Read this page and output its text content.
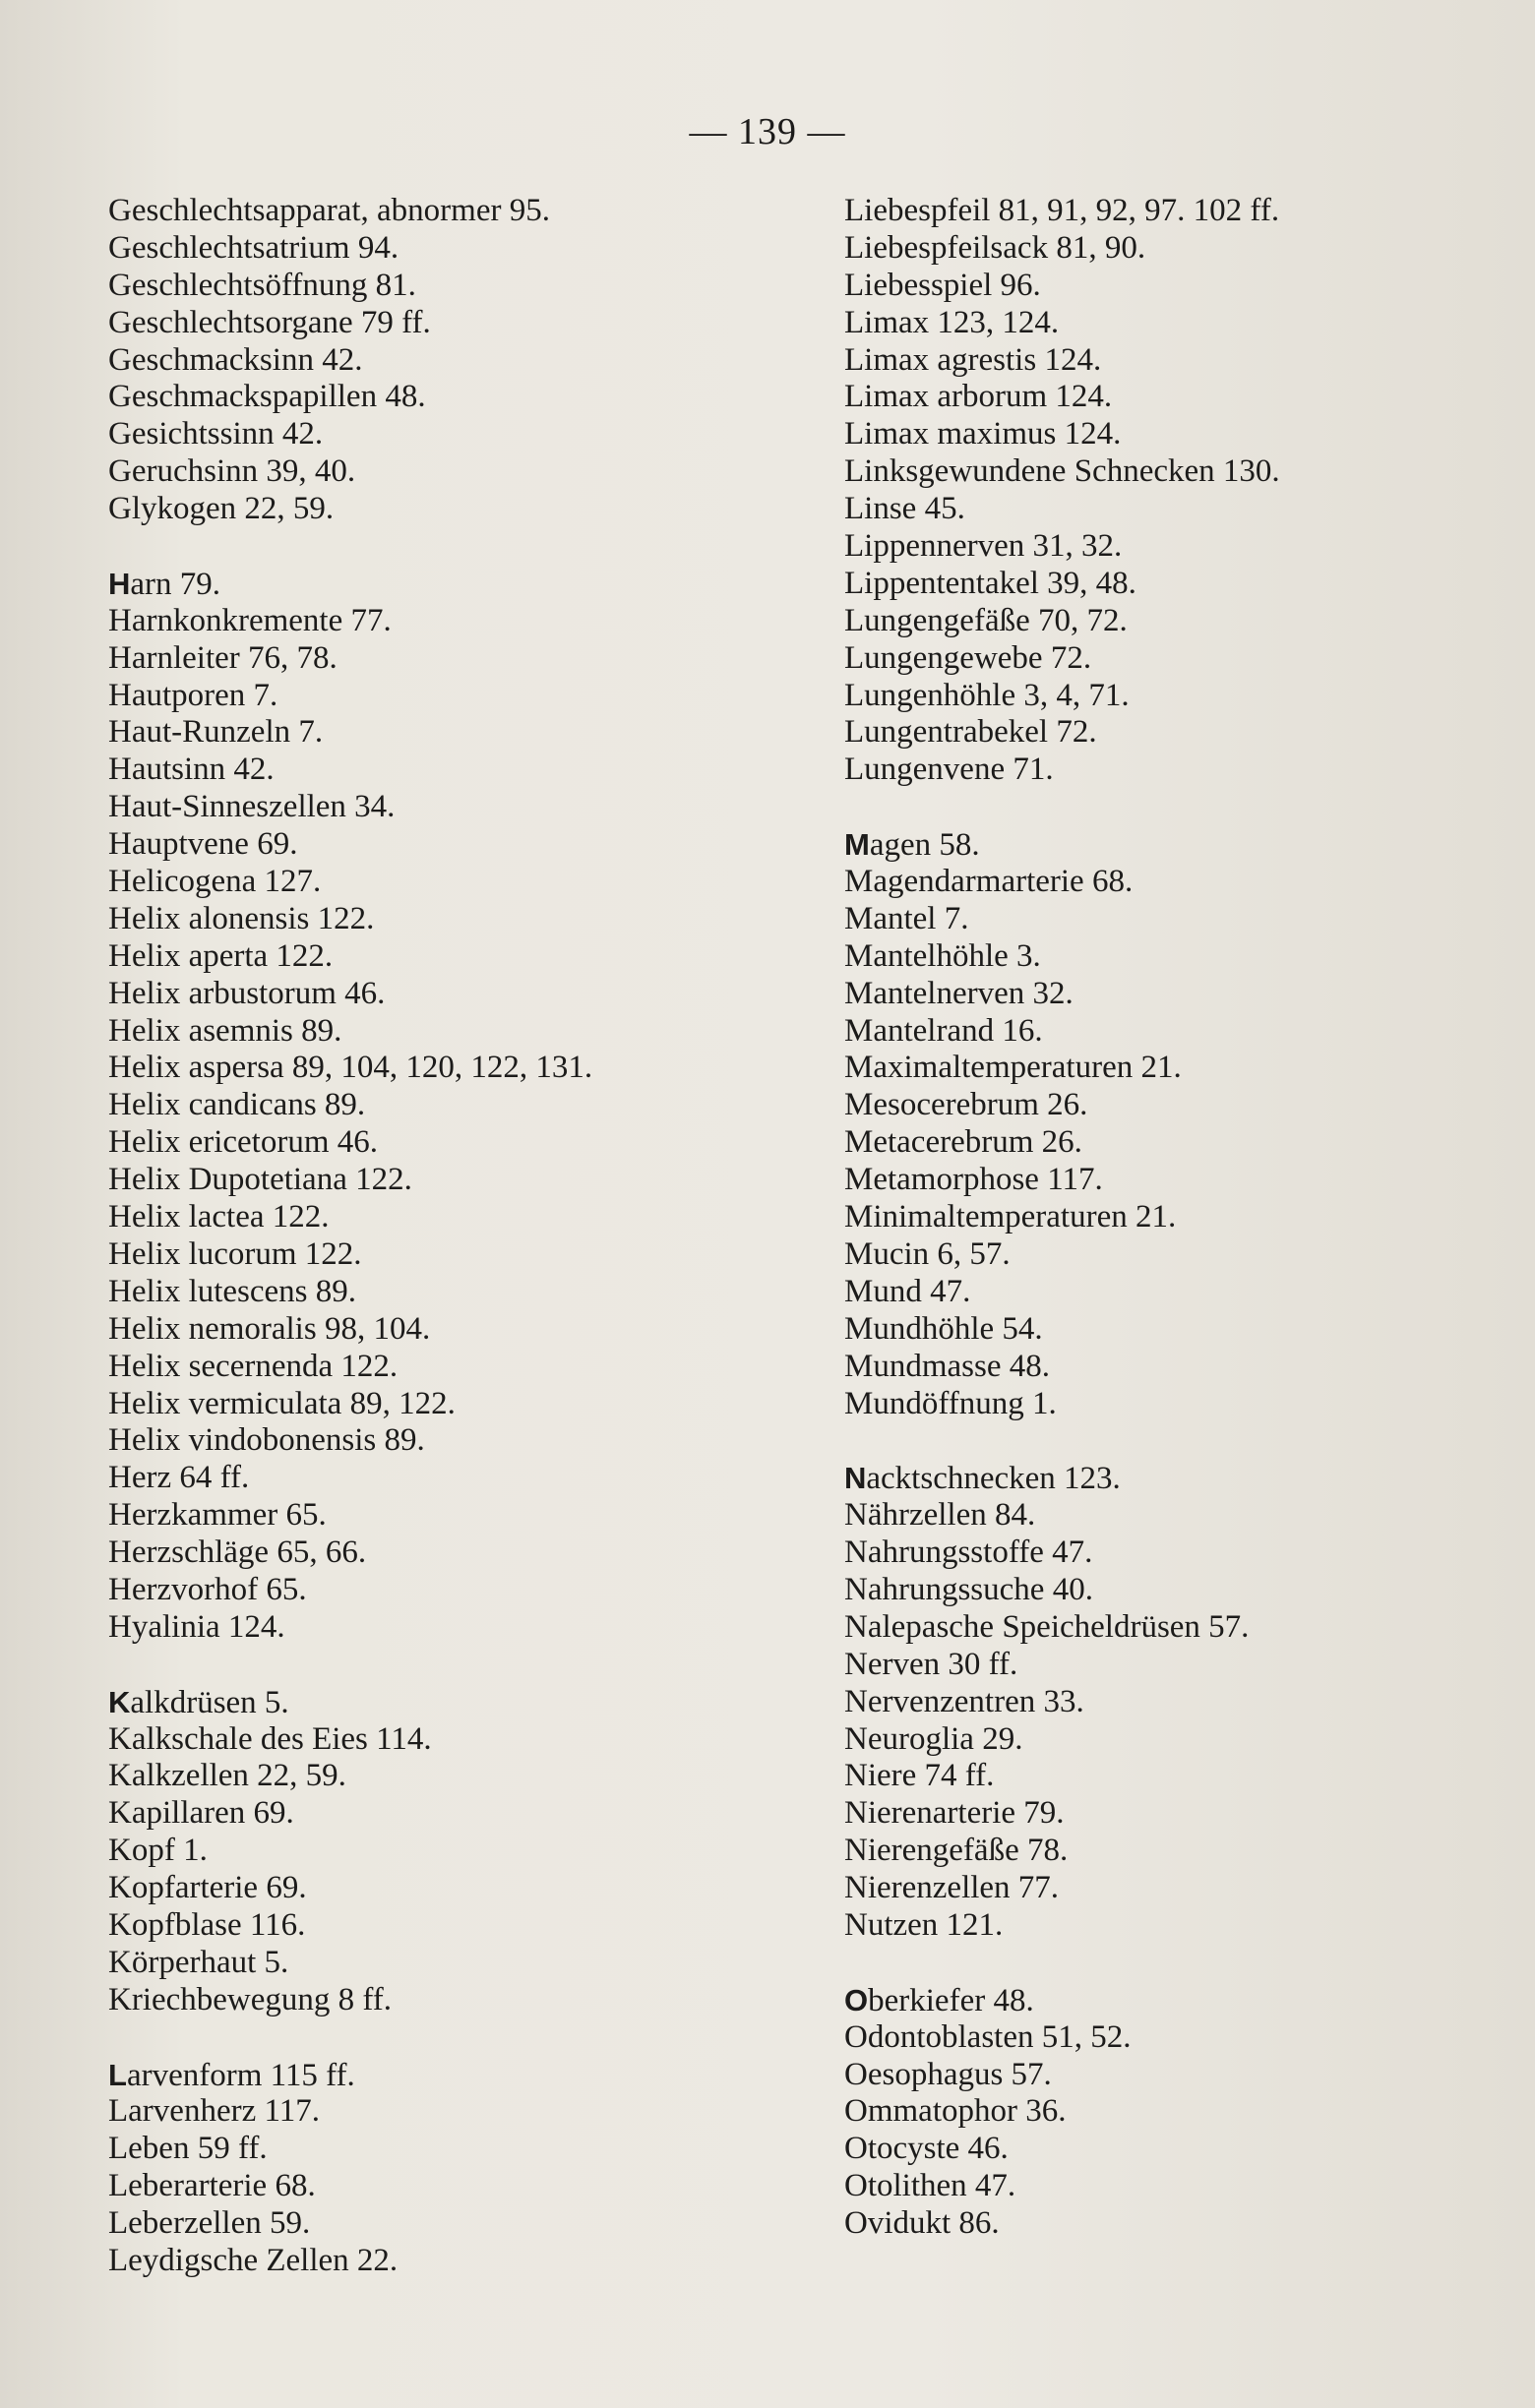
— 139 —
Geschlechtsapparat, abnormer 95.
Geschlechtsatrium 94.
Geschlechtsöffnung 81.
Geschlechtsorgane 79 ff.
Geschmacksinn 42.
Geschmackspapillen 48.
Gesichtssinn 42.
Geruchsinn 39, 40.
Glykogen 22, 59.
Harn 79.
Harnkonkremente 77.
Harnleiter 76, 78.
Hautporen 7.
Haut-Runzeln 7.
Hautsinn 42.
Haut-Sinneszellen 34.
Hauptvene 69.
Helicogena 127.
Helix alonensis 122.
Helix aperta 122.
Helix arbustorum 46.
Helix asemnis 89.
Helix aspersa 89, 104, 120, 122, 131.
Helix candicans 89.
Helix ericetorum 46.
Helix Dupotetiana 122.
Helix lactea 122.
Helix lucorum 122.
Helix lutescens 89.
Helix nemoralis 98, 104.
Helix secernenda 122.
Helix vermiculata 89, 122.
Helix vindobonensis 89.
Herz 64 ff.
Herzkammer 65.
Herzschläge 65, 66.
Herzvorhof 65.
Hyalinia 124.
Kalkdrüsen 5.
Kalkschale des Eies 114.
Kalkzellen 22, 59.
Kapillaren 69.
Kopf 1.
Kopfarterie 69.
Kopfblase 116.
Körperhaut 5.
Kriechbewegung 8 ff.
Larvenform 115 ff.
Larvenherz 117.
Leben 59 ff.
Leberarterie 68.
Leberzellen 59.
Leydigsche Zellen 22.
Liebespfeil 81, 91, 92, 97. 102 ff.
Liebespfeilsack 81, 90.
Liebesspiel 96.
Limax 123, 124.
Limax agrestis 124.
Limax arborum 124.
Limax maximus 124.
Linksgewundene Schnecken 130.
Linse 45.
Lippennerven 31, 32.
Lippententakel 39, 48.
Lungengefäße 70, 72.
Lungengewebe 72.
Lungenhöhle 3, 4, 71.
Lungentrabekel 72.
Lungenvene 71.
Magen 58.
Magendarmarterie 68.
Mantel 7.
Mantelhöhle 3.
Mantelnerven 32.
Mantelrand 16.
Maximaltemperaturen 21.
Mesocerebrum 26.
Metacerebrum 26.
Metamorphose 117.
Minimaltemperaturen 21.
Mucin 6, 57.
Mund 47.
Mundhöhle 54.
Mundmasse 48.
Mundöffnung 1.
Nacktschnecken 123.
Nährzellen 84.
Nahrungsstoffe 47.
Nahrungssuche 40.
Nalepasche Speicheldrüsen 57.
Nerven 30 ff.
Nervenzentren 33.
Neuroglia 29.
Niere 74 ff.
Nierenarterie 79.
Nierengefäße 78.
Nierenzellen 77.
Nutzen 121.
Oberkiefer 48.
Odontoblasten 51, 52.
Oesophagus 57.
Ommatophor 36.
Otocyste 46.
Otolithen 47.
Ovidukt 86.
